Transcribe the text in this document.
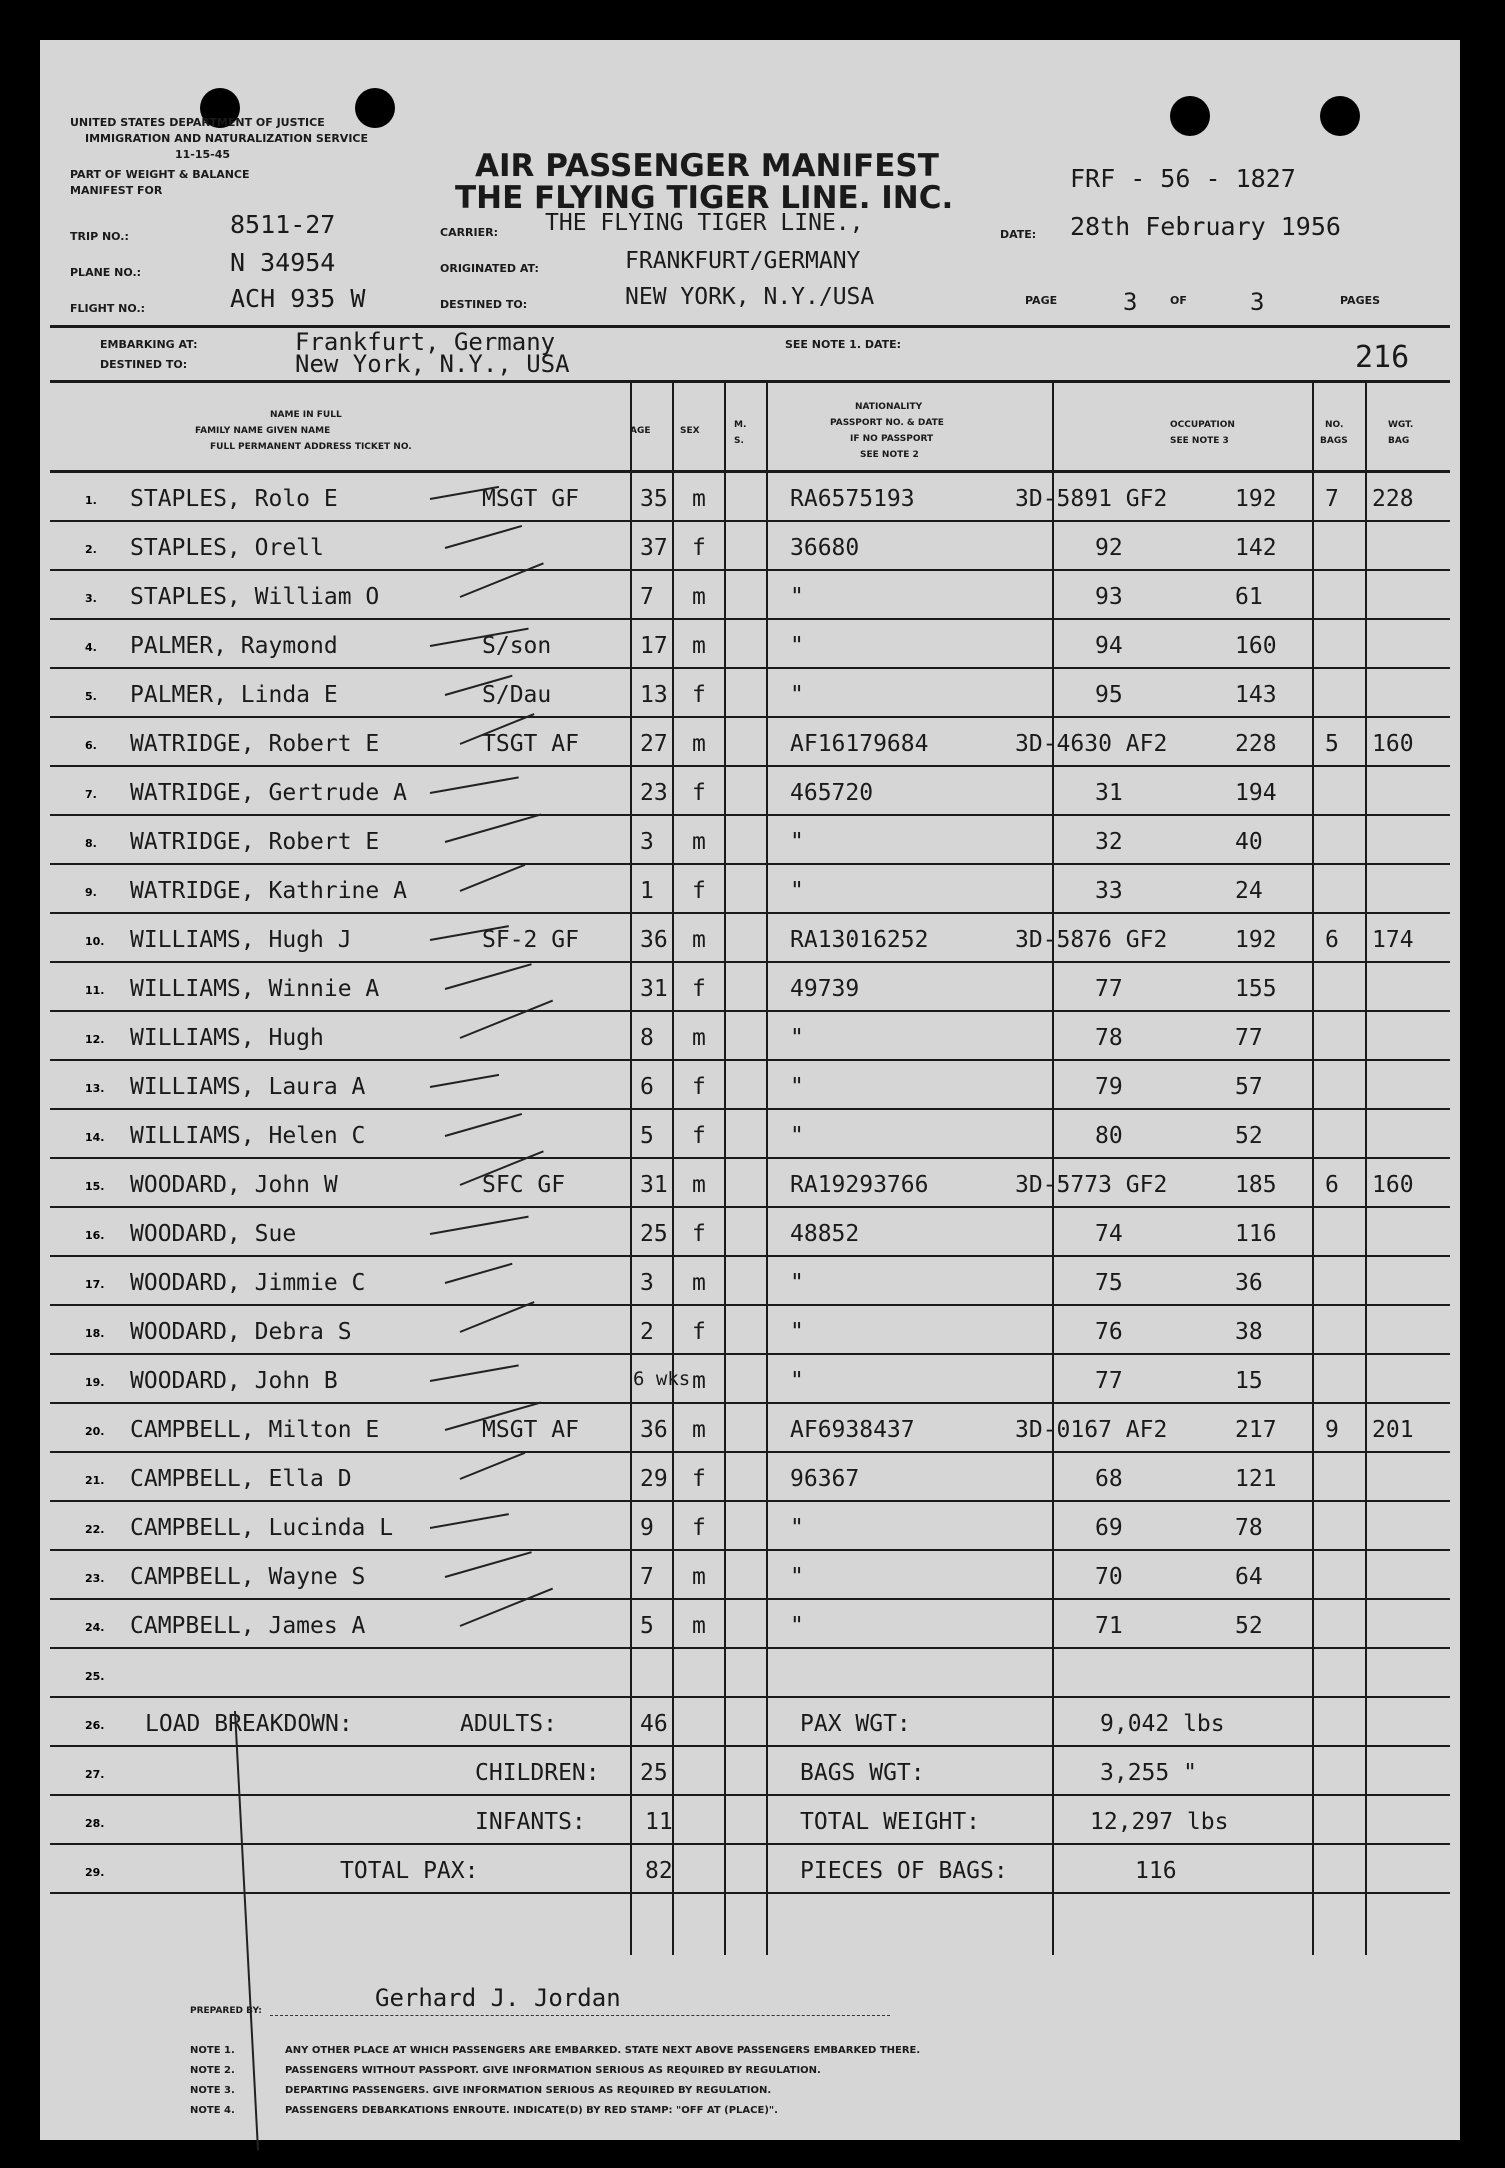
UNITED STATES DEPARTMENT OF JUSTICE
IMMIGRATION AND NATURALIZATION SERVICE
11-15-45
PART OF WEIGHT & BALANCE
MANIFEST FOR
AIR PASSENGER MANIFEST
THE FLYING TIGER LINE. INC.
FRF - 56 - 1827
TRIP NO.:	8511-27
PLANE NO.:	N 34954
FLIGHT NO.:	ACH 935 W
CARRIER: THE FLYING TIGER LINE.,
ORIGINATED AT:	FRANKFURT/GERMANY
DESTINED TO:	NEW YORK, N.Y./USA
DATE: 28th February 1956
PAGE	3	OF	3	PAGES
EMBARKING AT:	Frankfurt, Germany
DESTINED TO:	New York, N.Y., USA
SEE NOTE 1. DATE:	216
NAME IN FULL
FAMILY NAME GIVEN NAME
FULL PERMANENT ADDRESS TICKET NO.
AGE	SEX
M.
S.
NATIONALITY
PASSPORT NO. & DATE
IF NO PASSPORT
SEE NOTE 2
OCCUPATION
SEE NOTE 3
NO.
BAGS
WGT.
BAG
1. STAPLES, Rolo E	MSGT GF	35 m	RA6575193	3D-5891 GF2	192 7 228
2. STAPLES, Orell	37 f	36680	92	142
3. STAPLES, William O	7 m	"	93	61
4. PALMER, Raymond	S/son	17 m	"	94	160
5. PALMER, Linda E	S/Dau	13 f	"	95	143
6. WATRIDGE, Robert E	TSGT AF	27 m	AF16179684	3D-4630 AF2	228 5 160
7. WATRIDGE, Gertrude A	23 f	465720	31	194
8. WATRIDGE, Robert E	3 m	"	32	40
9. WATRIDGE, Kathrine A	1 f	"	33	24
10. WILLIAMS, Hugh J	SF-2 GF	36 m	RA13016252	3D-5876 GF2	192 6 174
11. WILLIAMS, Winnie A	31 f	49739	77	155
12. WILLIAMS, Hugh	8 m	"	78	77
13. WILLIAMS, Laura A	6 f	"	79	57
14. WILLIAMS, Helen C	5 f	"	80	52
15. WOODARD, John W	SFC GF	31 m	RA19293766	3D-5773 GF2	185 6 160
16. WOODARD, Sue	25 f	48852	74	116
17. WOODARD, Jimmie C	3 m	"	75	36
18. WOODARD, Debra S	2 f	"	76	38
19. WOODARD, John B	6 wks m	"	77	15
20. CAMPBELL, Milton E	MSGT AF	36 m	AF6938437	3D-0167 AF2	217 9 201
21. CAMPBELL, Ella D	29 f	96367	68	121
22. CAMPBELL, Lucinda L	9 f	"	69	78
23. CAMPBELL, Wayne S	7 m	"	70	64
24. CAMPBELL, James A	5 m	"	71	52
25.
26.
27.
28.
29.
LOAD BREAKDOWN:	ADULTS:	46	PAX WGT:	9,042 lbs
CHILDREN: 25	BAGS WGT:	3,255 "
INFANTS:	11	TOTAL WEIGHT:	12,297 lbs
TOTAL PAX:	82	PIECES OF BAGS:	116
PREPARED BY:	Gerhard J. Jordan
NOTE 1.	ANY OTHER PLACE AT WHICH PASSENGERS ARE EMBARKED. STATE NEXT ABOVE PASSENGERS EMBARKED THERE.
NOTE 2.	PASSENGERS WITHOUT PASSPORT. GIVE INFORMATION SERIOUS AS REQUIRED BY REGULATION.
NOTE 3.	DEPARTING PASSENGERS. GIVE INFORMATION SERIOUS AS REQUIRED BY REGULATION.
NOTE 4.	PASSENGERS DEBARKATIONS ENROUTE. INDICATE(D) BY RED STAMP: "OFF AT (PLACE)".
